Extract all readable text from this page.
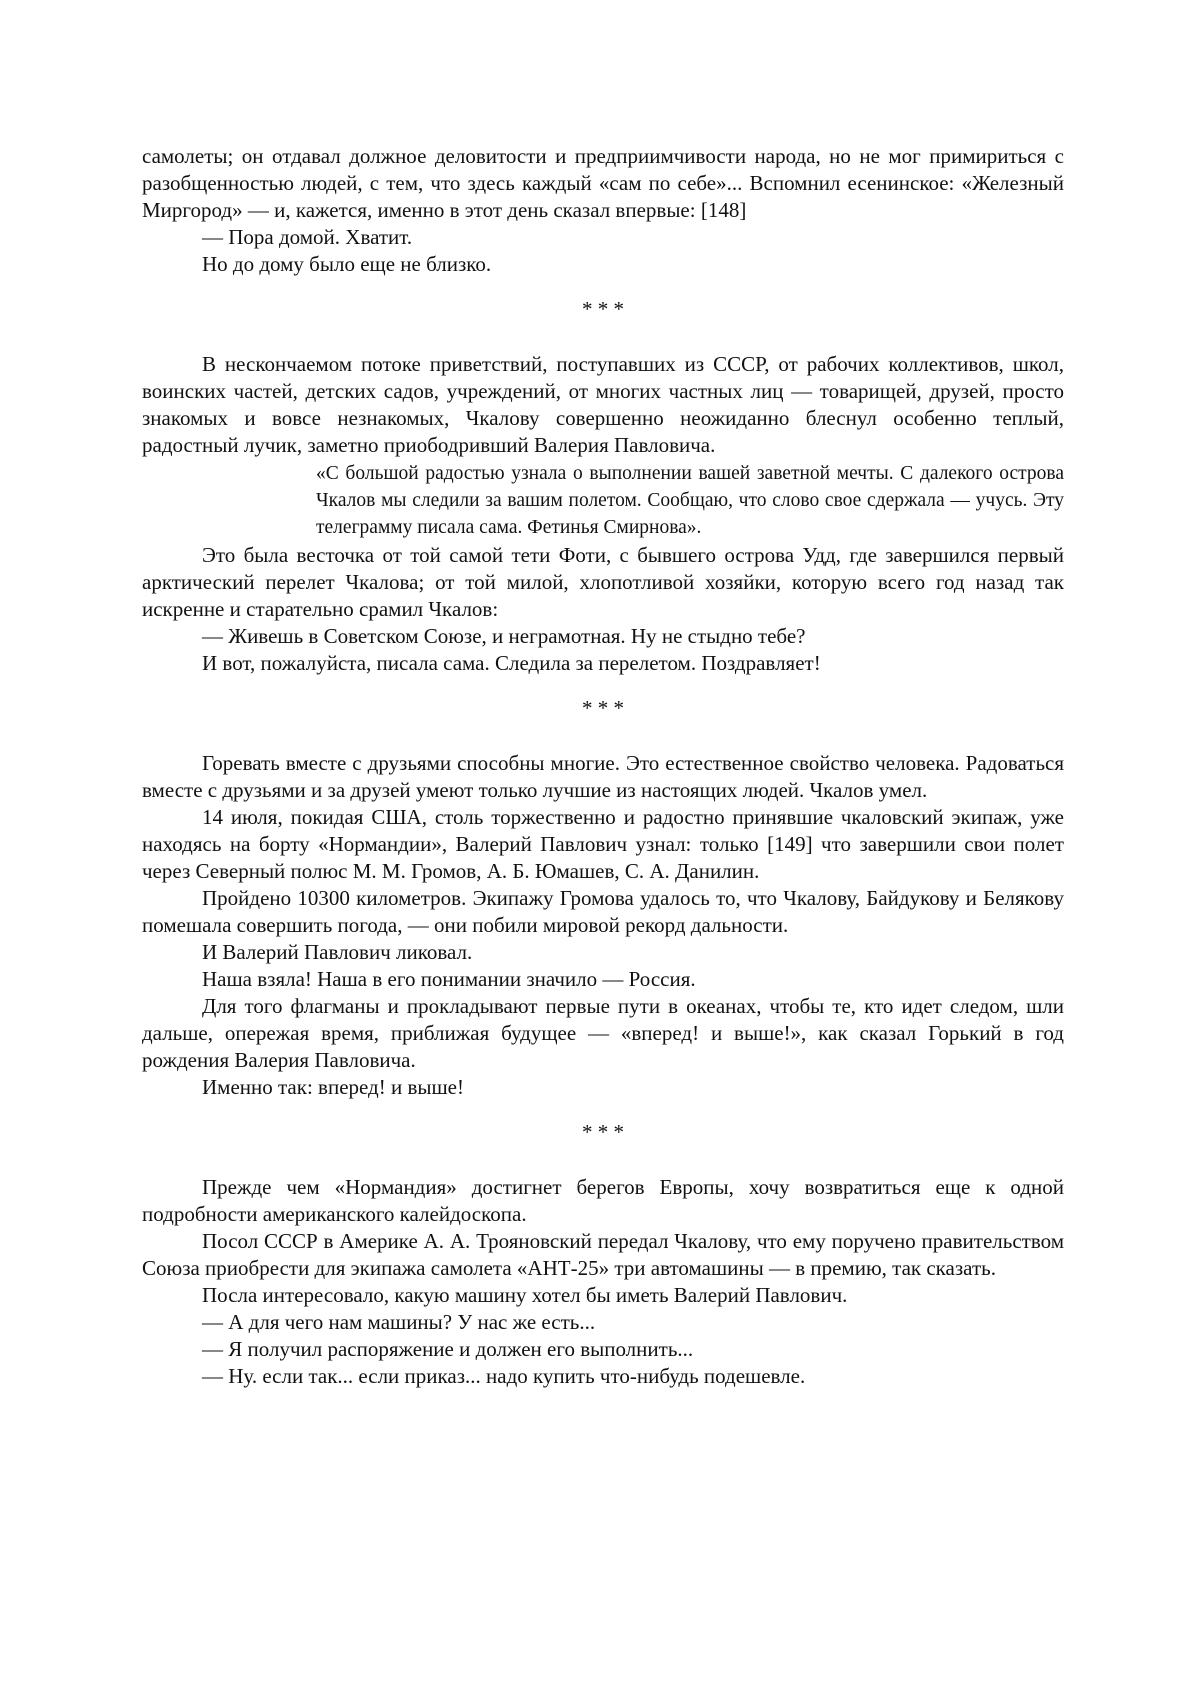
самолеты; он отдавал должное деловитости и предприимчивости народа, но не мог примириться с разобщенностью людей, с тем, что здесь каждый «сам по себе»... Вспомнил есенинское: «Железный Миргород» — и, кажется, именно в этот день сказал впервые: [148]

— Пора домой. Хватит.

Но до дому было еще не близко.

* * *

В нескончаемом потоке приветствий, поступавших из СССР, от рабочих коллективов, школ, воинских частей, детских садов, учреждений, от многих частных лиц — товарищей, друзей, просто знакомых и вовсе незнакомых, Чкалову совершенно неожиданно блеснул особенно теплый, радостный лучик, заметно приободривший Валерия Павловича.

«С большой радостью узнала о выполнении вашей заветной мечты. С далекого острова Чкалов мы следили за вашим полетом. Сообщаю, что слово свое сдержала — учусь. Эту телеграмму писала сама. Фетинья Смирнова».

Это была весточка от той самой тети Фоти, с бывшего острова Удд, где завершился первый арктический перелет Чкалова; от той милой, хлопотливой хозяйки, которую всего год назад так искренне и старательно срамил Чкалов:

— Живешь в Советском Союзе, и неграмотная. Ну не стыдно тебе?

И вот, пожалуйста, писала сама. Следила за перелетом. Поздравляет!

* * *

Горевать вместе с друзьями способны многие. Это естественное свойство человека. Радоваться вместе с друзьями и за друзей умеют только лучшие из настоящих людей. Чкалов умел.

14 июля, покидая США, столь торжественно и радостно принявшие чкаловский экипаж, уже находясь на борту «Нормандии», Валерий Павлович узнал: только [149] что завершили свои полет через Северный полюс М. М. Громов, А. Б. Юмашев, С. А. Данилин.

Пройдено 10300 километров. Экипажу Громова удалось то, что Чкалову, Байдукову и Белякову помешала совершить погода, — они побили мировой рекорд дальности.

И Валерий Павлович ликовал.

Наша взяла! Наша в его понимании значило — Россия.

Для того флагманы и прокладывают первые пути в океанах, чтобы те, кто идет следом, шли дальше, опережая время, приближая будущее — «вперед! и выше!», как сказал Горький в год рождения Валерия Павловича.

Именно так: вперед! и выше!

* * *

Прежде чем «Нормандия» достигнет берегов Европы, хочу возвратиться еще к одной подробности американского калейдоскопа.

Посол СССР в Америке А. А. Трояновский передал Чкалову, что ему поручено правительством Союза приобрести для экипажа самолета «АНТ-25» три автомашины — в премию, так сказать.

Посла интересовало, какую машину хотел бы иметь Валерий Павлович.

— А для чего нам машины? У нас же есть...

— Я получил распоряжение и должен его выполнить...

— Ну. если так... если приказ... надо купить что-нибудь подешевле.
